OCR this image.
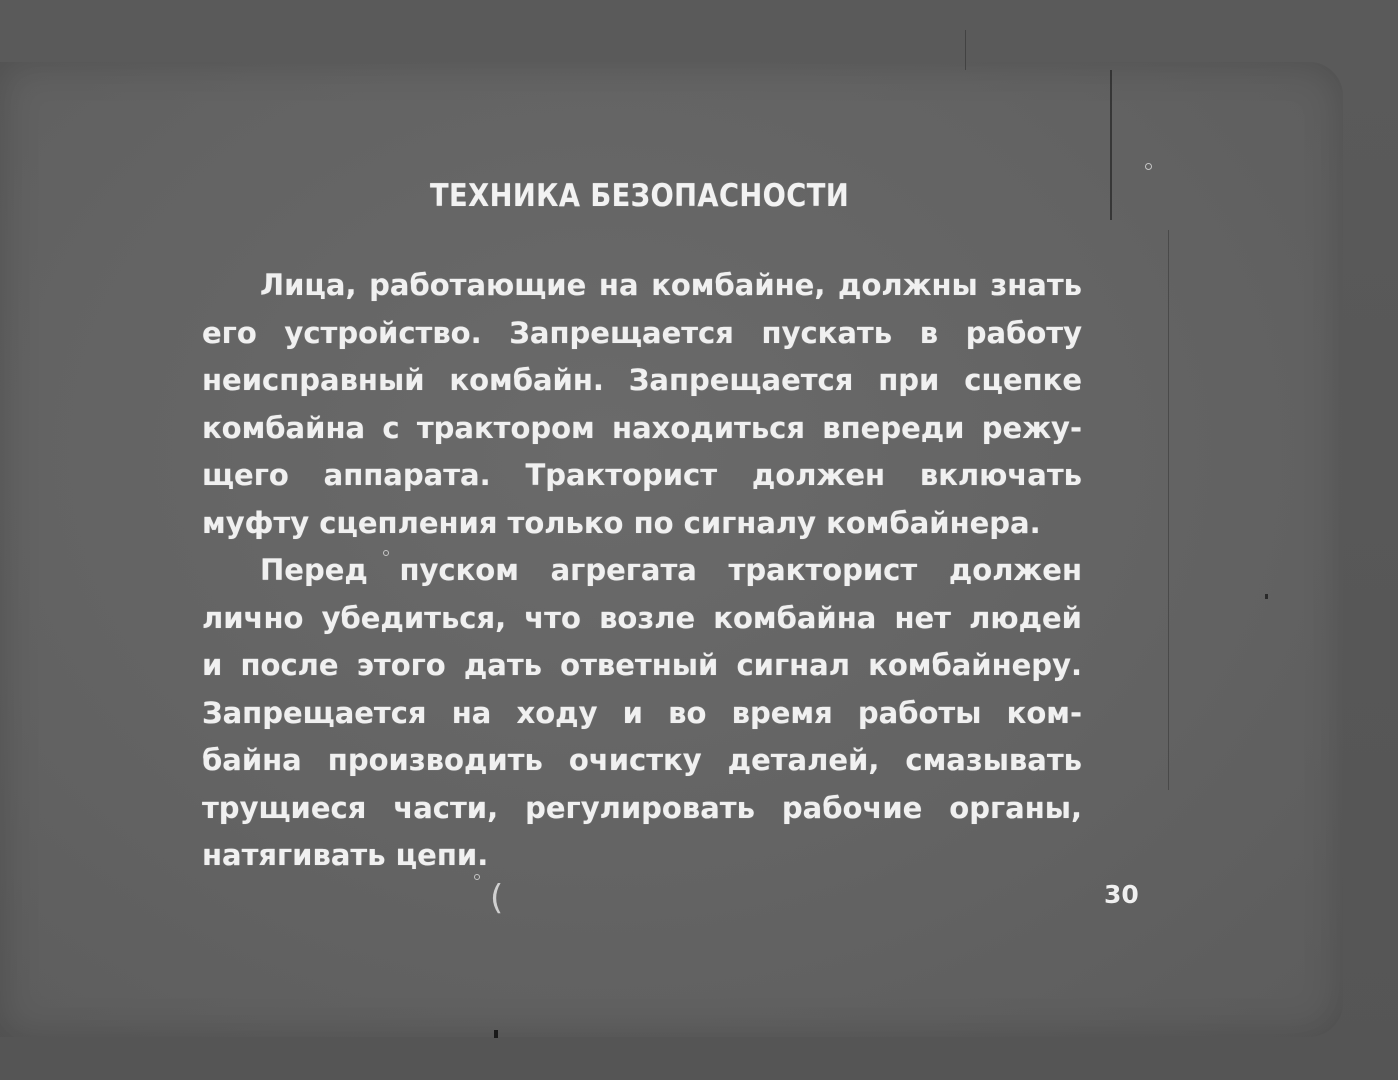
(
ТЕХНИКА БЕЗОПАСНОСТИ
Лица, работающие на комбайне, должны знать
его устройство. Запрещается пускать в работу
неисправный комбайн. Запрещается при сцепке
комбайна с трактором находиться впереди режу-
щего аппарата. Тракторист должен включать
муфту сцепления только по сигналу комбайнера.
Перед пуском агрегата тракторист должен
лично убедиться, что возле комбайна нет людей
и после этого дать ответный сигнал комбайнеру.
Запрещается на ходу и во время работы ком-
байна производить очистку деталей, смазывать
трущиеся части, регулировать рабочие органы,
натягивать цепи.
30
